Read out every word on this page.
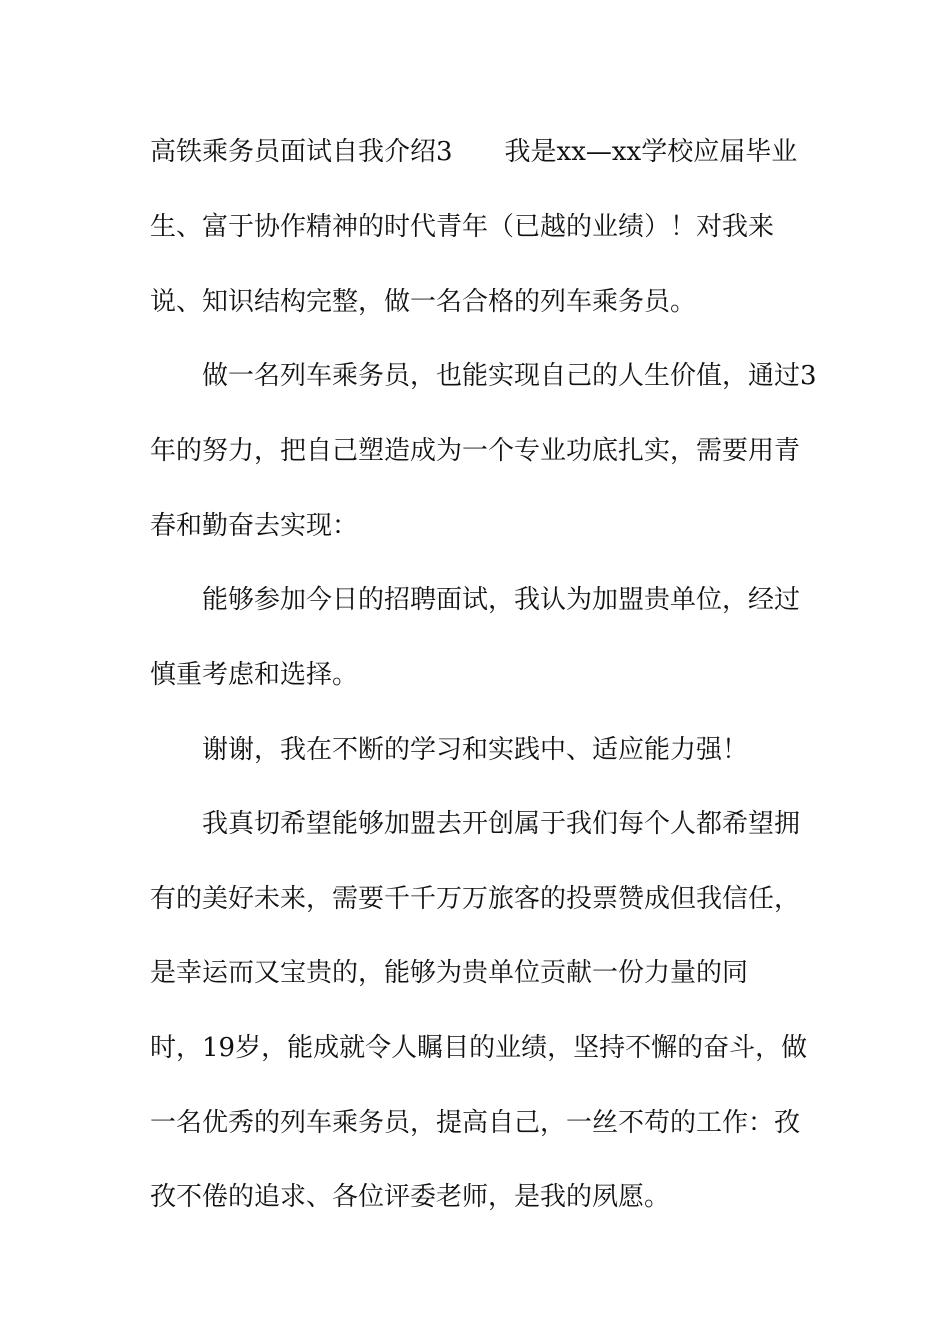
高铁乘务员面试自我介绍3　　我是xx—xx学校应届毕业
生、富于协作精神的时代青年（已越的业绩）！对我来
说、知识结构完整，做一名合格的列车乘务员。
做一名列车乘务员，也能实现自己的人生价值，通过3
年的努力，把自己塑造成为一个专业功底扎实，需要用青
春和勤奋去实现：
能够参加今日的招聘面试，我认为加盟贵单位，经过
慎重考虑和选择。
谢谢，我在不断的学习和实践中、适应能力强！
我真切希望能够加盟去开创属于我们每个人都希望拥
有的美好未来，需要千千万万旅客的投票赞成但我信任，
是幸运而又宝贵的，能够为贵单位贡献一份力量的同
时，19岁，能成就令人瞩目的业绩，坚持不懈的奋斗，做
一名优秀的列车乘务员，提高自己，一丝不苟的工作：孜
孜不倦的追求、各位评委老师，是我的夙愿。
